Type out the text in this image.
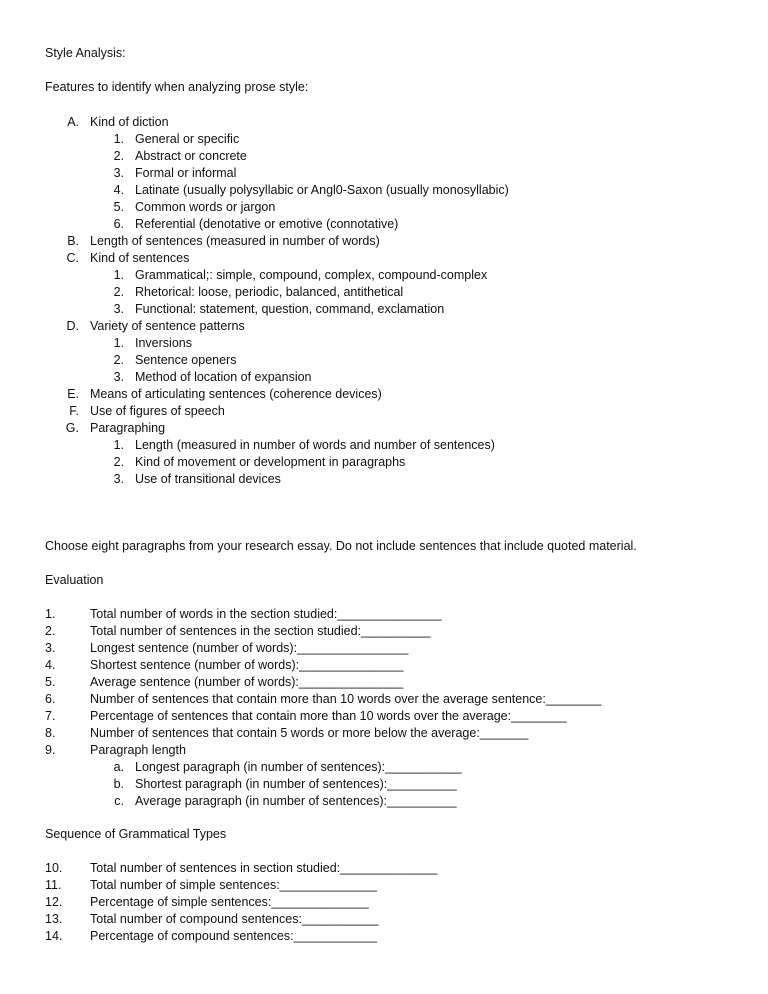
Style Analysis:
Features to identify when analyzing prose style:
A. Kind of diction
1. General or specific
2. Abstract or concrete
3. Formal or informal
4. Latinate (usually polysyllabic or Angl0-Saxon (usually monosyllabic)
5. Common words or jargon
6. Referential (denotative or emotive (connotative)
B. Length of sentences (measured in number of words)
C. Kind of sentences
1. Grammatical;: simple, compound, complex, compound-complex
2. Rhetorical: loose, periodic, balanced, antithetical
3. Functional: statement, question, command, exclamation
D. Variety of sentence patterns
1. Inversions
2. Sentence openers
3. Method of location of expansion
E. Means of articulating sentences (coherence devices)
F. Use of figures of speech
G. Paragraphing
1. Length (measured in number of words and number of sentences)
2. Kind of movement or development in paragraphs
3. Use of transitional devices
Choose eight paragraphs from your research essay. Do not include sentences that include quoted material.
Evaluation
1.	Total number of words in the section studied:_______________
2.	Total number of sentences in the section studied:__________
3.	Longest sentence (number of words):________________
4.	Shortest sentence (number of words):_______________
5.	Average sentence (number of words):_______________
6.	Number of sentences that contain more than 10 words over the average sentence:________
7.	Percentage of sentences that contain more than 10 words over the average:________
8.	Number of sentences that contain 5 words or more below the average:_______
9.	Paragraph length
a. Longest paragraph (in number of sentences):___________
b. Shortest paragraph (in number of sentences):__________
c. Average paragraph (in number of sentences):__________
Sequence of Grammatical Types
10. Total number of sentences in section studied:______________
11. Total number of simple sentences:______________
12. Percentage of simple sentences:______________
13. Total number of compound sentences:___________
14. Percentage of compound sentences:____________
